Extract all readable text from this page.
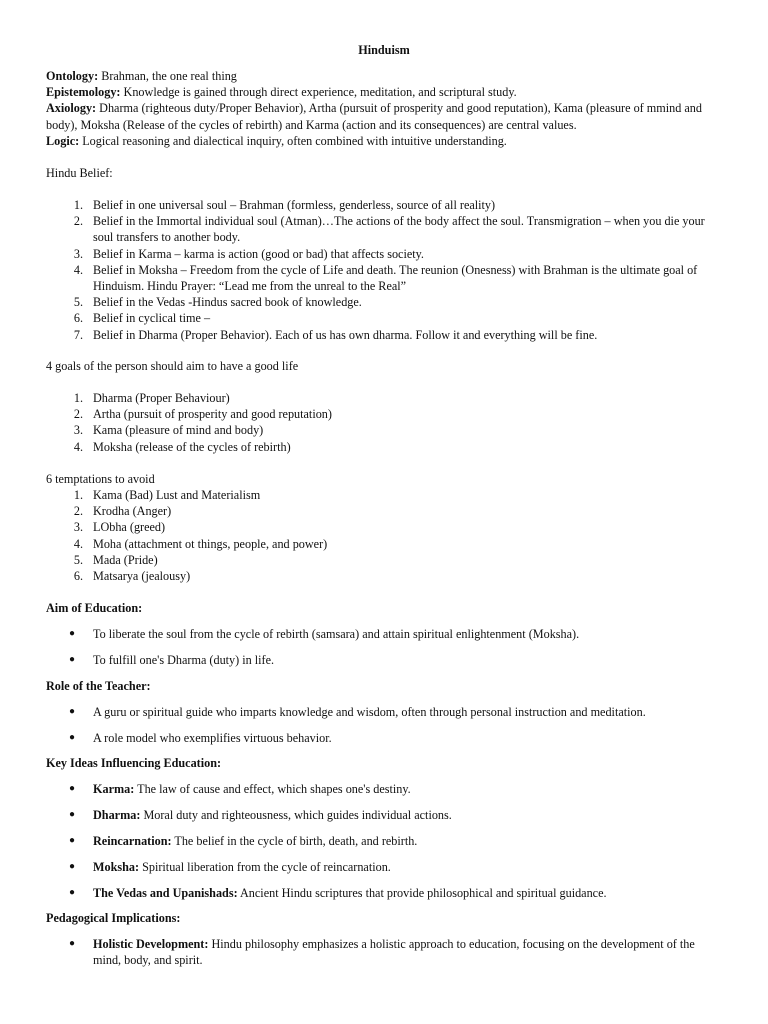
Hinduism

Ontology: Brahman, the one real thing

Epistemology: Knowledge is gained through direct experience, meditation, and scriptural study.

Axiology: Dharma (righteous duty/Proper Behavior), Artha (pursuit of prosperity and good reputation), Kama (pleasure of mmind and body), Moksha (Release of the cycles of rebirth) and Karma (action and its consequences) are central values.

Logic: Logical reasoning and dialectical inquiry, often combined with intuitive understanding.

Hindu Belief:
1. Belief in one universal soul – Brahman (formless, genderless, source of all reality)
2. Belief in the Immortal individual soul (Atman)…The actions of the body affect the soul. Transmigration – when you die your soul transfers to another body.
3. Belief in Karma – karma is action (good or bad) that affects society.
4. Belief in Moksha – Freedom from the cycle of Life and death. The reunion (Onesness) with Brahman is the ultimate goal of Hinduism. Hindu Prayer: “Lead me from the unreal to the Real”
5. Belief in the Vedas -Hindus sacred book of knowledge.
6. Belief in cyclical time –
7. Belief in Dharma (Proper Behavior). Each of us has own dharma. Follow it and everything will be fine.
4 goals of the person should aim to have a good life
1. Dharma (Proper Behaviour)
2. Artha (pursuit of prosperity and good reputation)
3. Kama (pleasure of mind and body)
4. Moksha (release of the cycles of rebirth)
6 temptations to avoid
1. Kama (Bad) Lust and Materialism
2. Krodha (Anger)
3. LObha (greed)
4. Moha (attachment ot things, people, and power)
5. Mada (Pride)
6. Matsarya (jealousy)
Aim of Education:
● To liberate the soul from the cycle of rebirth (samsara) and attain spiritual enlightenment (Moksha).
● To fulfill one's Dharma (duty) in life.
Role of the Teacher:
● A guru or spiritual guide who imparts knowledge and wisdom, often through personal instruction and meditation.
● A role model who exemplifies virtuous behavior.
Key Ideas Influencing Education:
● Karma: The law of cause and effect, which shapes one's destiny.
● Dharma: Moral duty and righteousness, which guides individual actions.
● Reincarnation: The belief in the cycle of birth, death, and rebirth.
● Moksha: Spiritual liberation from the cycle of reincarnation.
● The Vedas and Upanishads: Ancient Hindu scriptures that provide philosophical and spiritual guidance.
Pedagogical Implications:
● Holistic Development: Hindu philosophy emphasizes a holistic approach to education, focusing on the development of the mind, body, and spirit.
